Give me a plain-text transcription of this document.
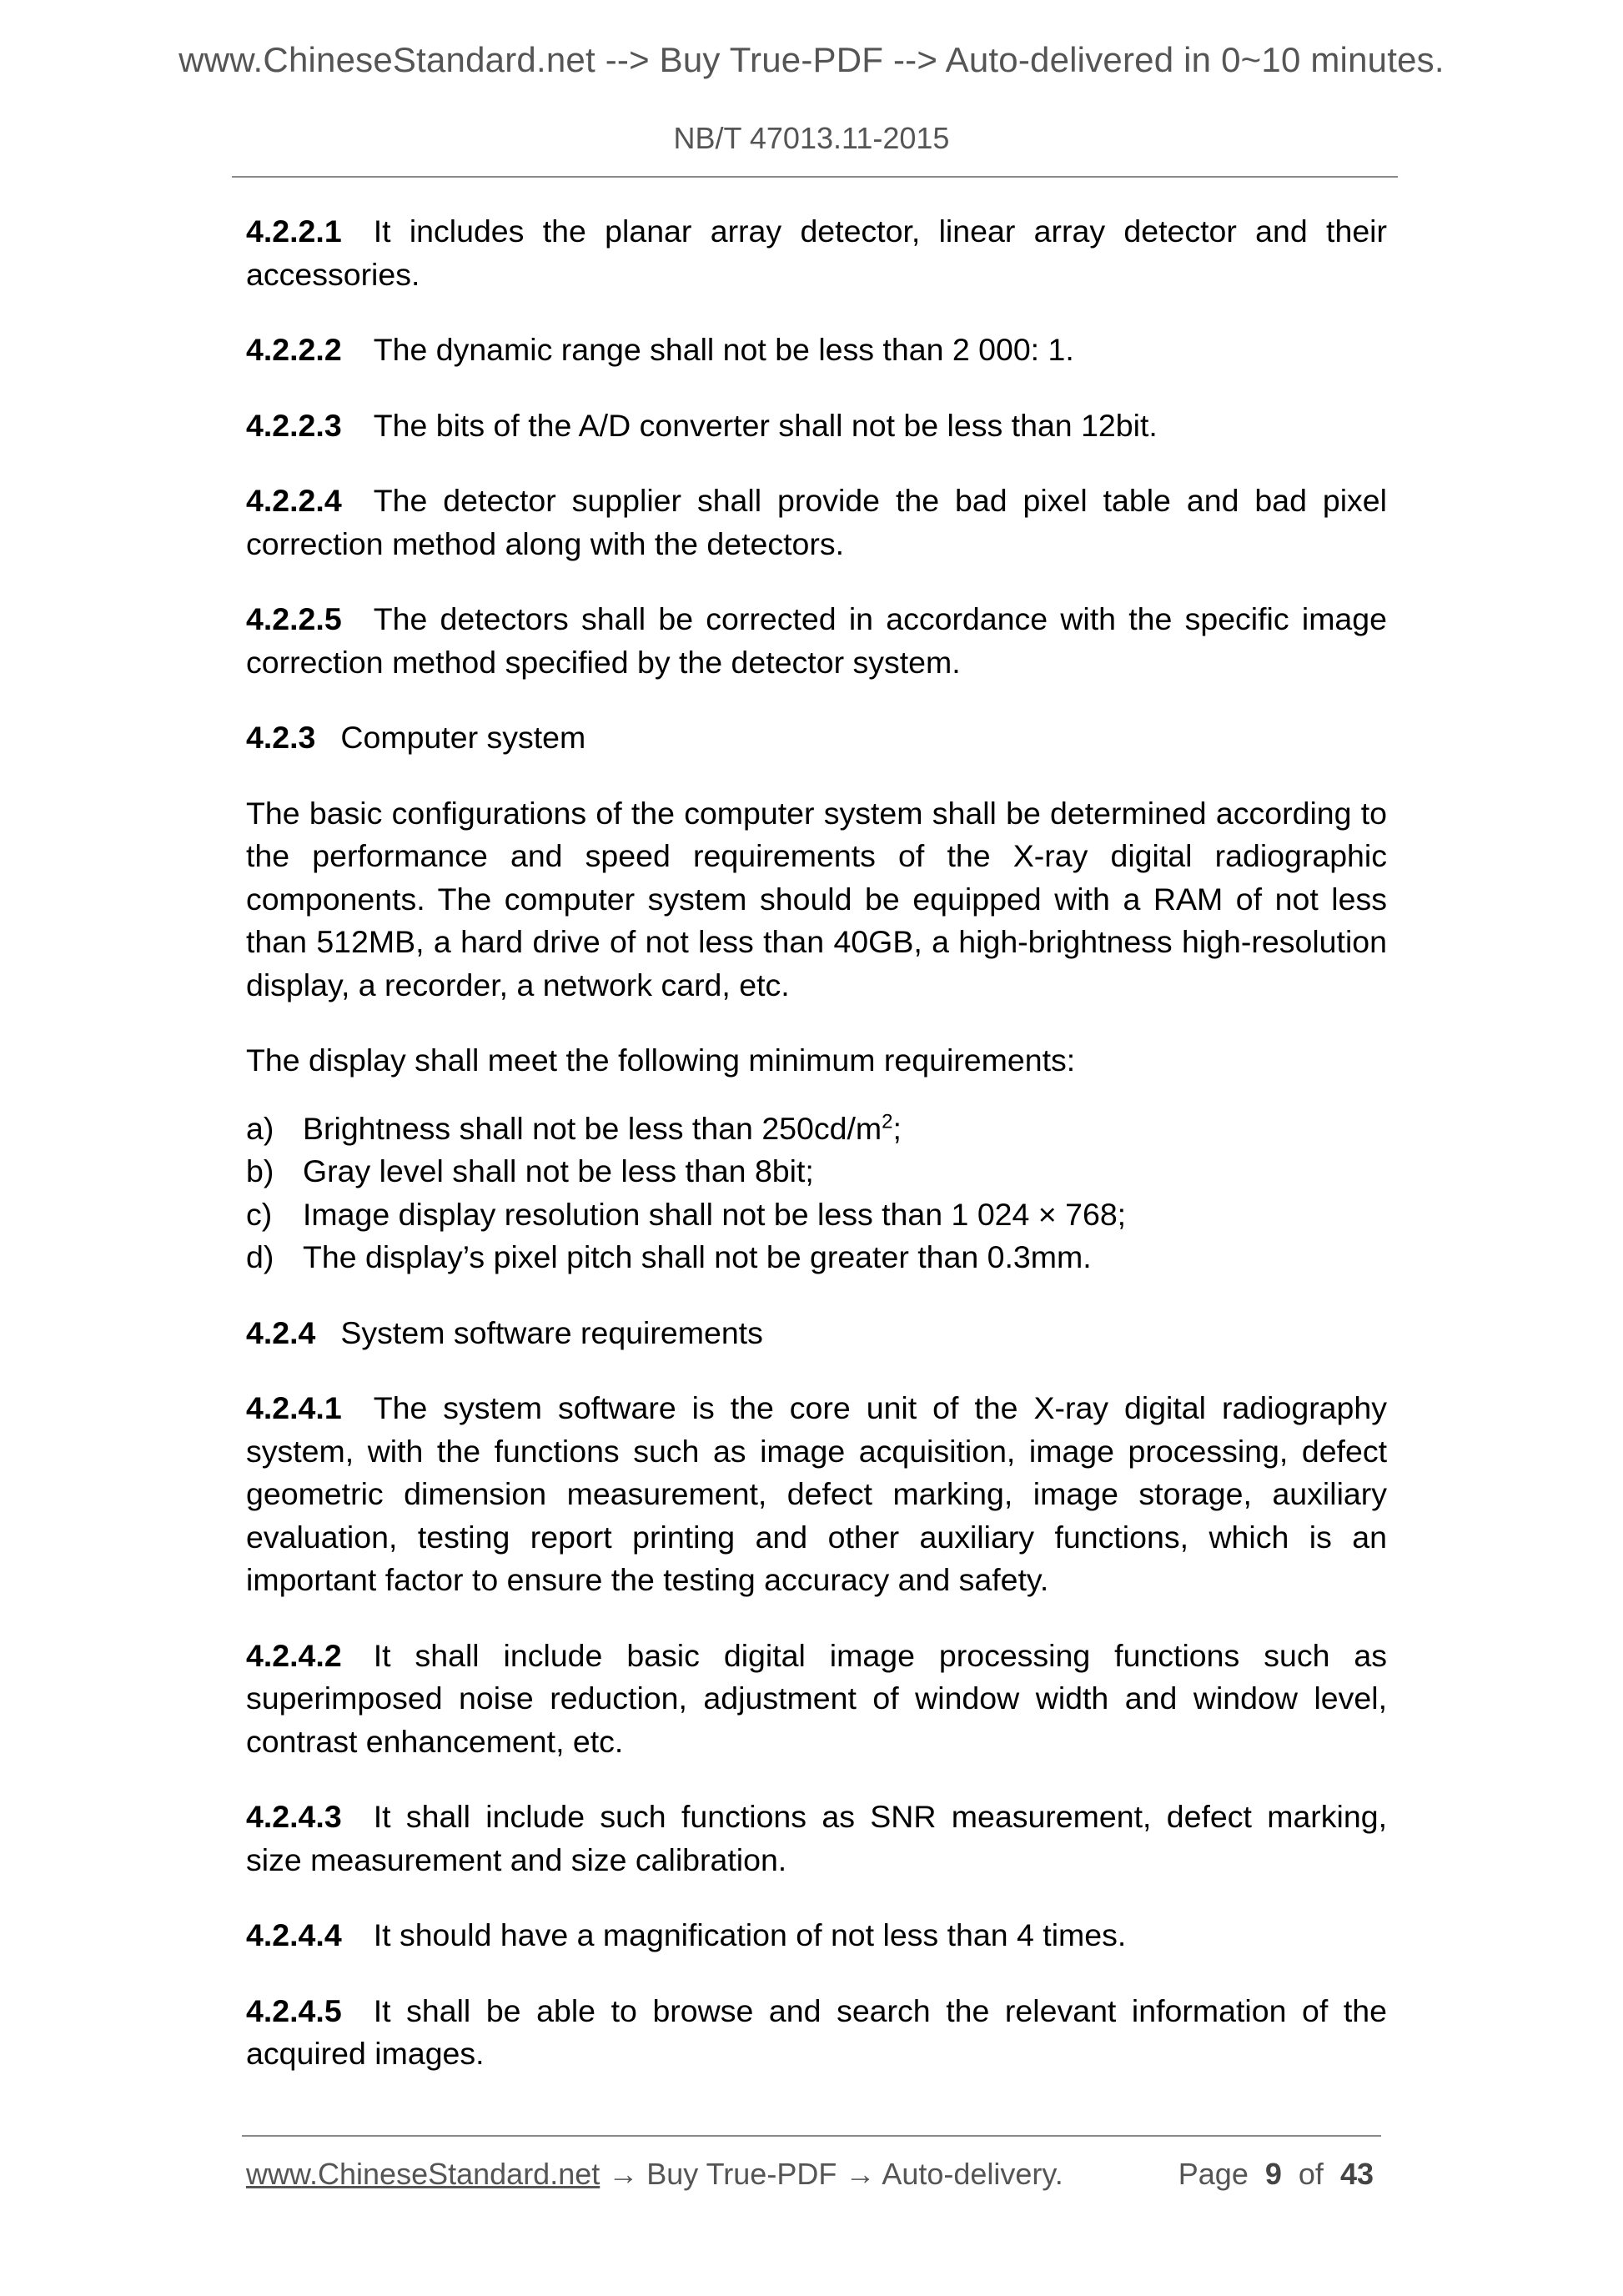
www.ChineseStandard.net --> Buy True-PDF --> Auto-delivered in 0~10 minutes.
NB/T 47013.11-2015

4.2.2.1 It includes the planar array detector, linear array detector and their accessories.

4.2.2.2 The dynamic range shall not be less than 2 000: 1.

4.2.2.3 The bits of the A/D converter shall not be less than 12bit.

4.2.2.4 The detector supplier shall provide the bad pixel table and bad pixel correction method along with the detectors.

4.2.2.5 The detectors shall be corrected in accordance with the specific image correction method specified by the detector system.

4.2.3 Computer system

The basic configurations of the computer system shall be determined according to the performance and speed requirements of the X-ray digital radiographic components. The computer system should be equipped with a RAM of not less than 512MB, a hard drive of not less than 40GB, a high-brightness high-resolution display, a recorder, a network card, etc.

The display shall meet the following minimum requirements:

a) Brightness shall not be less than $250cd/m^2$;
b) Gray level shall not be less than 8bit;
c) Image display resolution shall not be less than 1 024 × 768;
d) The display’s pixel pitch shall not be greater than 0.3mm.

4.2.4 System software requirements

4.2.4.1 The system software is the core unit of the X-ray digital radiography system, with the functions such as image acquisition, image processing, defect geometric dimension measurement, defect marking, image storage, auxiliary evaluation, testing report printing and other auxiliary functions, which is an important factor to ensure the testing accuracy and safety.

4.2.4.2 It shall include basic digital image processing functions such as superimposed noise reduction, adjustment of window width and window level, contrast enhancement, etc.

4.2.4.3 It shall include such functions as SNR measurement, defect marking, size measurement and size calibration.

4.2.4.4 It should have a magnification of not less than 4 times.

4.2.4.5 It shall be able to browse and search the relevant information of the acquired images.

www.ChineseStandard.net → Buy True-PDF → Auto-delivery.	Page 9 of 43
